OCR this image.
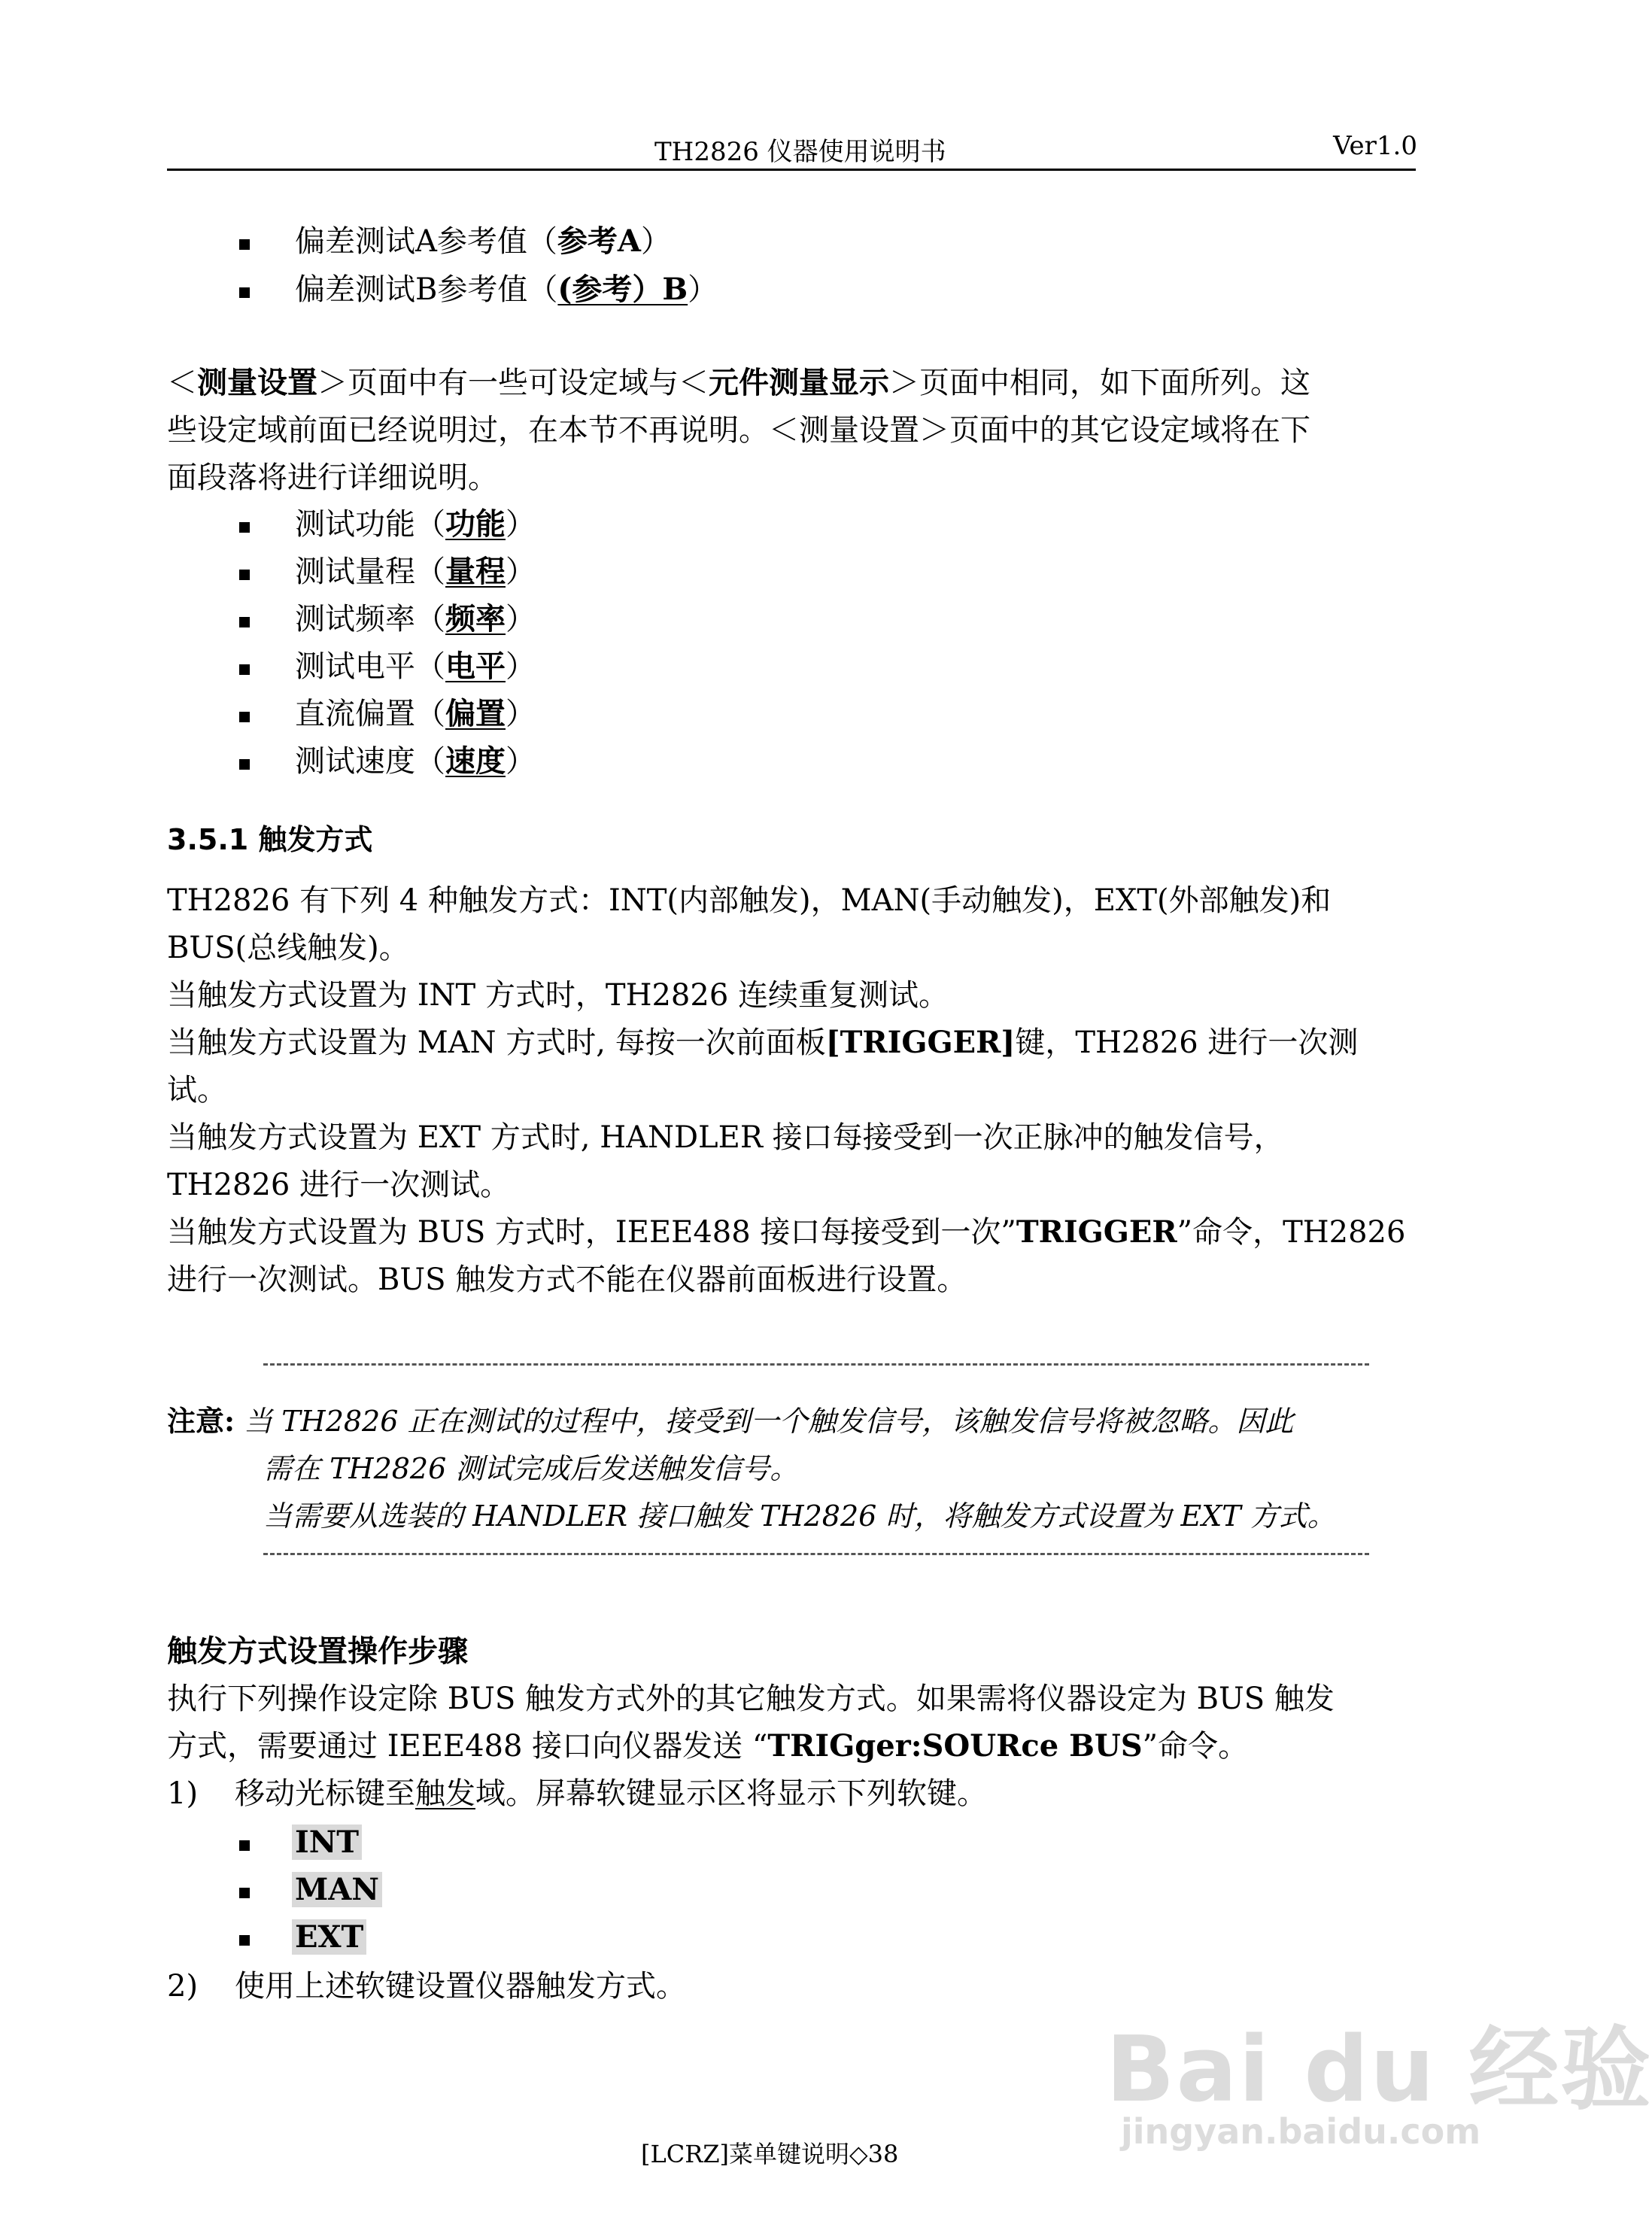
TH2826 仪器使用说明书	Ver1.0
偏差测试A参考值（参考A）
偏差测试B参考值（(参考）B）
＜测量设置＞页面中有一些可设定域与＜元件测量显示＞页面中相同，如下面所列。这
些设定域前面已经说明过，在本节不再说明。＜测量设置＞页面中的其它设定域将在下
面段落将进行详细说明。
测试功能（功能）
测试量程（量程）
测试频率（频率）
测试电平（电平）
直流偏置（偏置）
测试速度（速度）
3.5.1 触发方式
TH2826 有下列 4 种触发方式：INT(内部触发)，MAN(手动触发)，EXT(外部触发)和
BUS(总线触发)。
当触发方式设置为 INT 方式时，TH2826 连续重复测试。
当触发方式设置为 MAN 方式时, 每按一次前面板[TRIGGER]键，TH2826 进行一次测
试。
当触发方式设置为 EXT 方式时, HANDLER 接口每接受到一次正脉冲的触发信号，
TH2826 进行一次测试。
当触发方式设置为 BUS 方式时，IEEE488 接口每接受到一次”TRIGGER”命令，TH2826
进行一次测试。BUS 触发方式不能在仪器前面板进行设置。
注意: 当 TH2826 正在测试的过程中，接受到一个触发信号，该触发信号将被忽略。因此
需在 TH2826 测试完成后发送触发信号。
当需要从选装的 HANDLER 接口触发 TH2826 时，将触发方式设置为 EXT 方式。
触发方式设置操作步骤
执行下列操作设定除 BUS 触发方式外的其它触发方式。如果需将仪器设定为 BUS 触发
方式，需要通过 IEEE488 接口向仪器发送 “TRIGger:SOURce BUS”命令。
1) 移动光标键至触发域。屏幕软键显示区将显示下列软键。
INT
MAN
EXT
2) 使用上述软键设置仪器触发方式。
Bai du 经验
jingyan.baidu.com
[LCRZ]菜单键说明◇38
